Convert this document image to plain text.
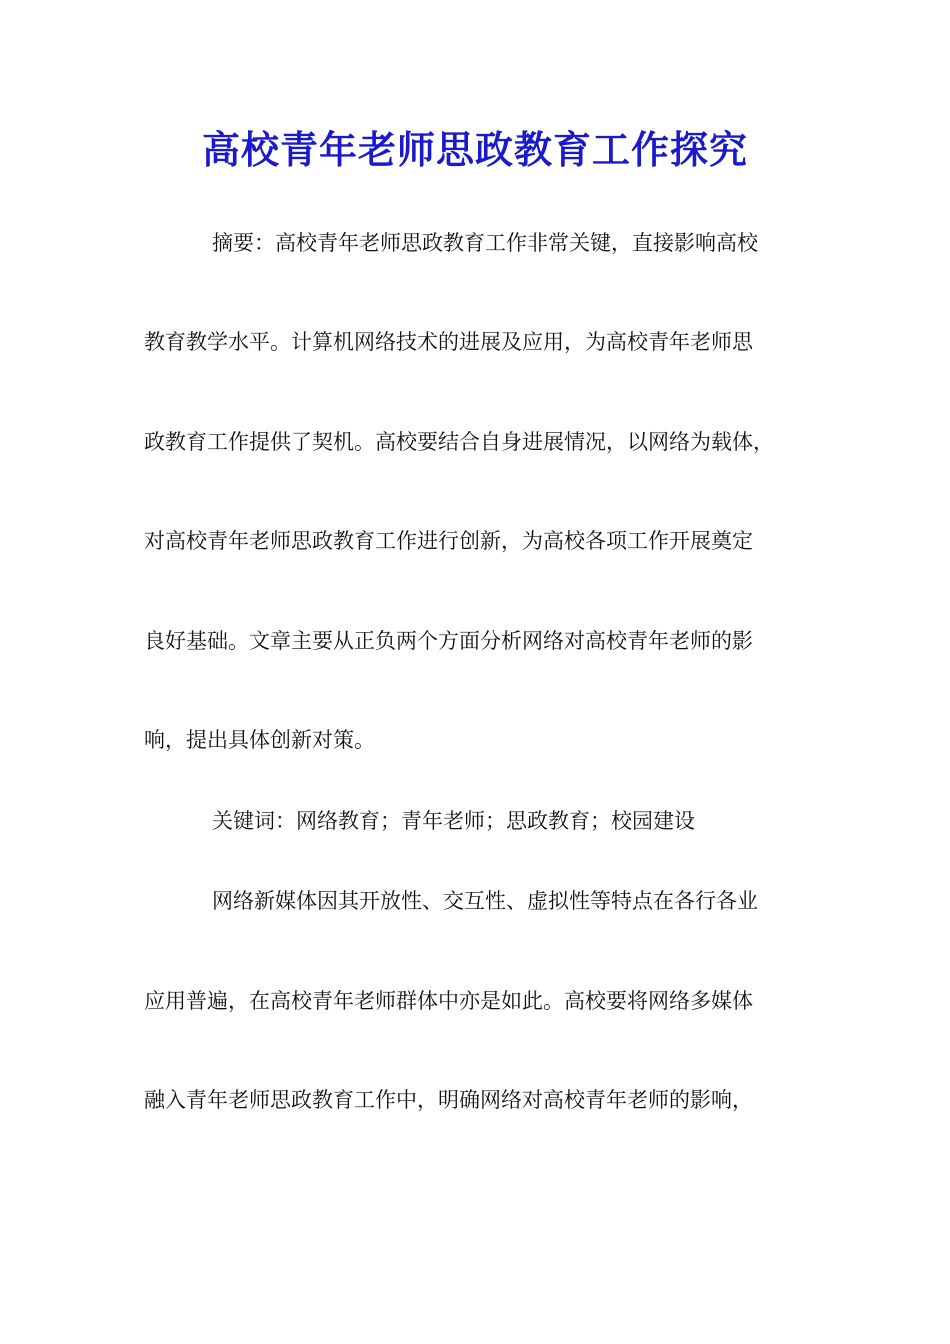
高校青年老师思政教育工作探究
摘要：高校青年老师思政教育工作非常关键，直接影响高校
教育教学水平。计算机网络技术的进展及应用，为高校青年老师思
政教育工作提供了契机。高校要结合自身进展情况，以网络为载体，
对高校青年老师思政教育工作进行创新，为高校各项工作开展奠定
良好基础。文章主要从正负两个方面分析网络对高校青年老师的影
响，提出具体创新对策。
关键词：网络教育；青年老师；思政教育；校园建设
网络新媒体因其开放性、交互性、虚拟性等特点在各行各业
应用普遍，在高校青年老师群体中亦是如此。高校要将网络多媒体
融入青年老师思政教育工作中，明确网络对高校青年老师的影响，
